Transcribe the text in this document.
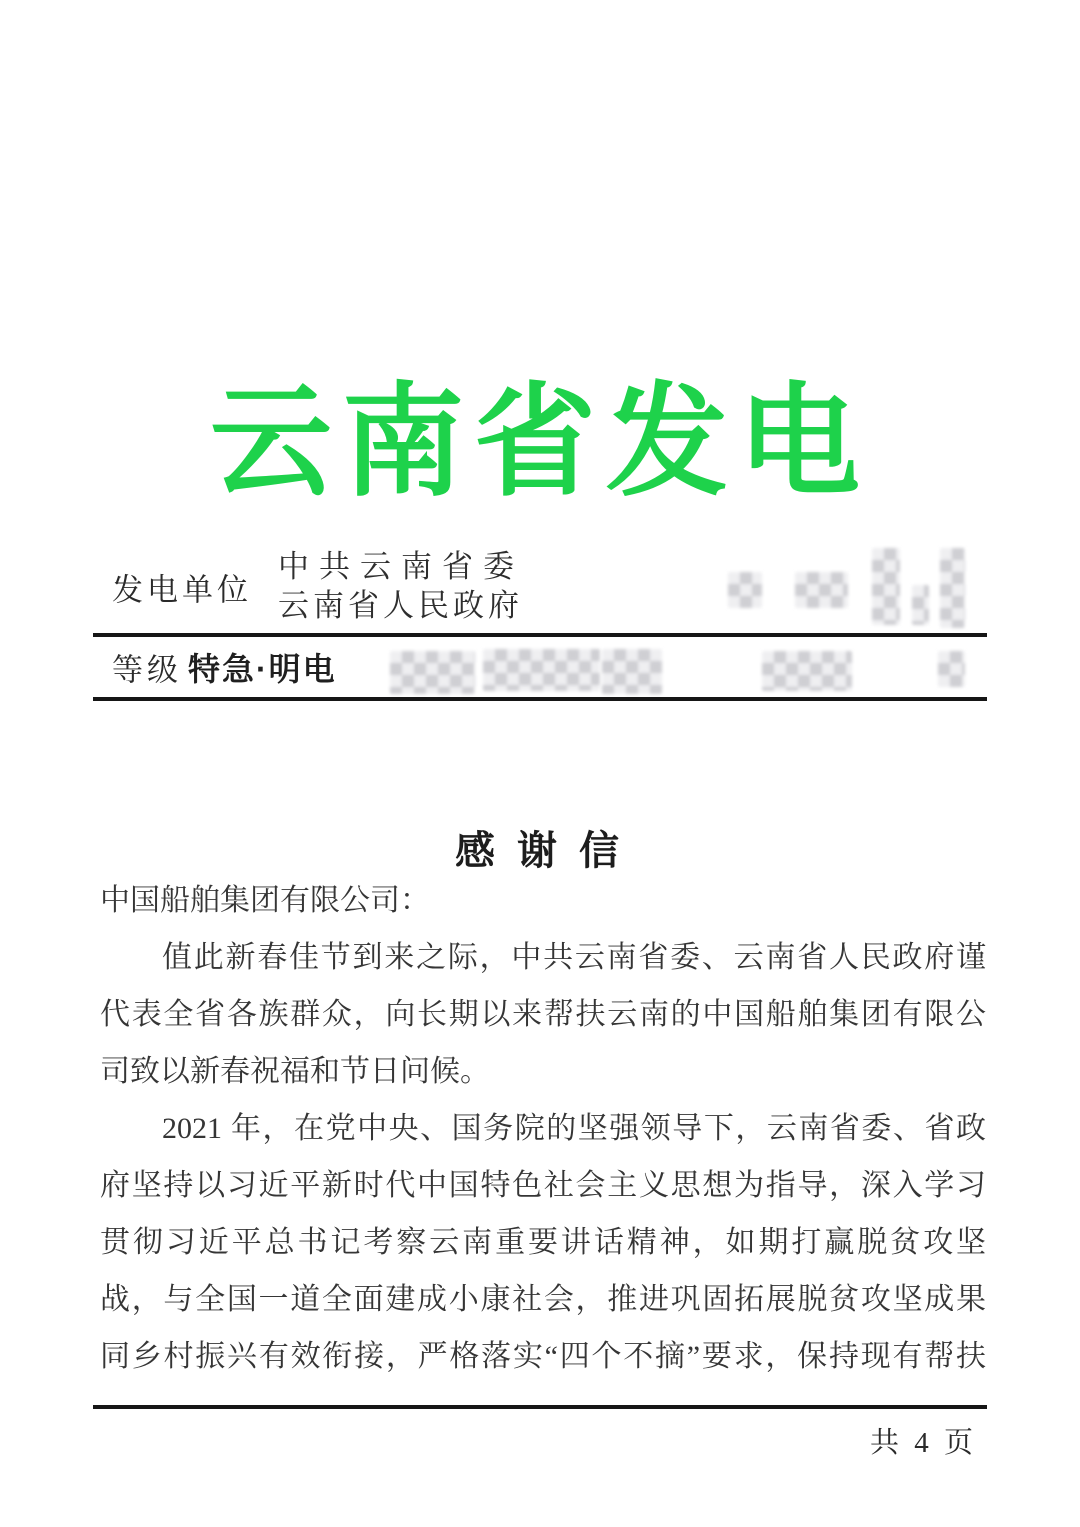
云南省发电
发电单位
中共云南省委
云南省人民政府
等级 特急·明电
感 谢 信
中国船舶集团有限公司：
值此新春佳节到来之际，中共云南省委、云南省人民政府谨
代表全省各族群众，向长期以来帮扶云南的中国船舶集团有限公
司致以新春祝福和节日问候。
2021 年，在党中央、国务院的坚强领导下，云南省委、省政
府坚持以习近平新时代中国特色社会主义思想为指导，深入学习
贯彻习近平总书记考察云南重要讲话精神，如期打赢脱贫攻坚
战，与全国一道全面建成小康社会，推进巩固拓展脱贫攻坚成果
同乡村振兴有效衔接，严格落实“四个不摘”要求，保持现有帮扶
共 4 页
